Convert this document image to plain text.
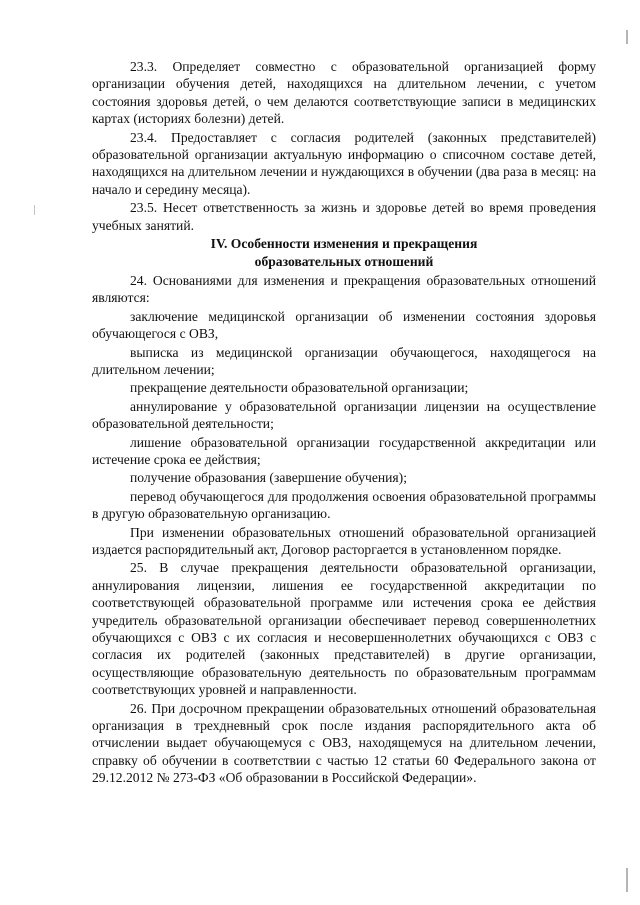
23.3. Определяет совместно с образовательной организацией форму организации обучения детей, находящихся на длительном лечении, с учетом состояния здоровья детей, о чем делаются соответствующие записи в медицинских картах (историях болезни) детей.

23.4. Предоставляет с согласия родителей (законных представителей) образовательной организации актуальную информацию о списочном составе детей, находящихся на длительном лечении и нуждающихся в обучении (два раза в месяц: на начало и середину месяца).

23.5. Несет ответственность за жизнь и здоровье детей во время проведения учебных занятий.

IV. Особенности изменения и прекращения
образовательных отношений

24. Основаниями для изменения и прекращения образовательных отношений являются:

заключение медицинской организации об изменении состояния здоровья обучающегося с ОВЗ,

выписка из медицинской организации обучающегося, находящегося на длительном лечении;

прекращение деятельности образовательной организации;

аннулирование у образовательной организации лицензии на осуществление образовательной деятельности;

лишение образовательной организации государственной аккредитации или истечение срока ее действия;

получение образования (завершение обучения);

перевод обучающегося для продолжения освоения образовательной программы в другую образовательную организацию.

При изменении образовательных отношений образовательной организацией издается распорядительный акт, Договор расторгается в установленном порядке.

25. В случае прекращения деятельности образовательной организации, аннулирования лицензии, лишения ее государственной аккредитации по соответствующей образовательной программе или истечения срока ее действия учредитель образовательной организации обеспечивает перевод совершеннолетних обучающихся с ОВЗ с их согласия и несовершеннолетних обучающихся с ОВЗ с согласия их родителей (законных представителей) в другие организации, осуществляющие образовательную деятельность по образовательным программам соответствующих уровней и направленности.

26. При досрочном прекращении образовательных отношений образовательная организация в трехдневный срок после издания распорядительного акта об отчислении выдает обучающемуся с ОВЗ, находящемуся на длительном лечении, справку об обучении в соответствии с частью 12 статьи 60 Федерального закона от 29.12.2012 № 273-ФЗ «Об образовании в Российской Федерации».
